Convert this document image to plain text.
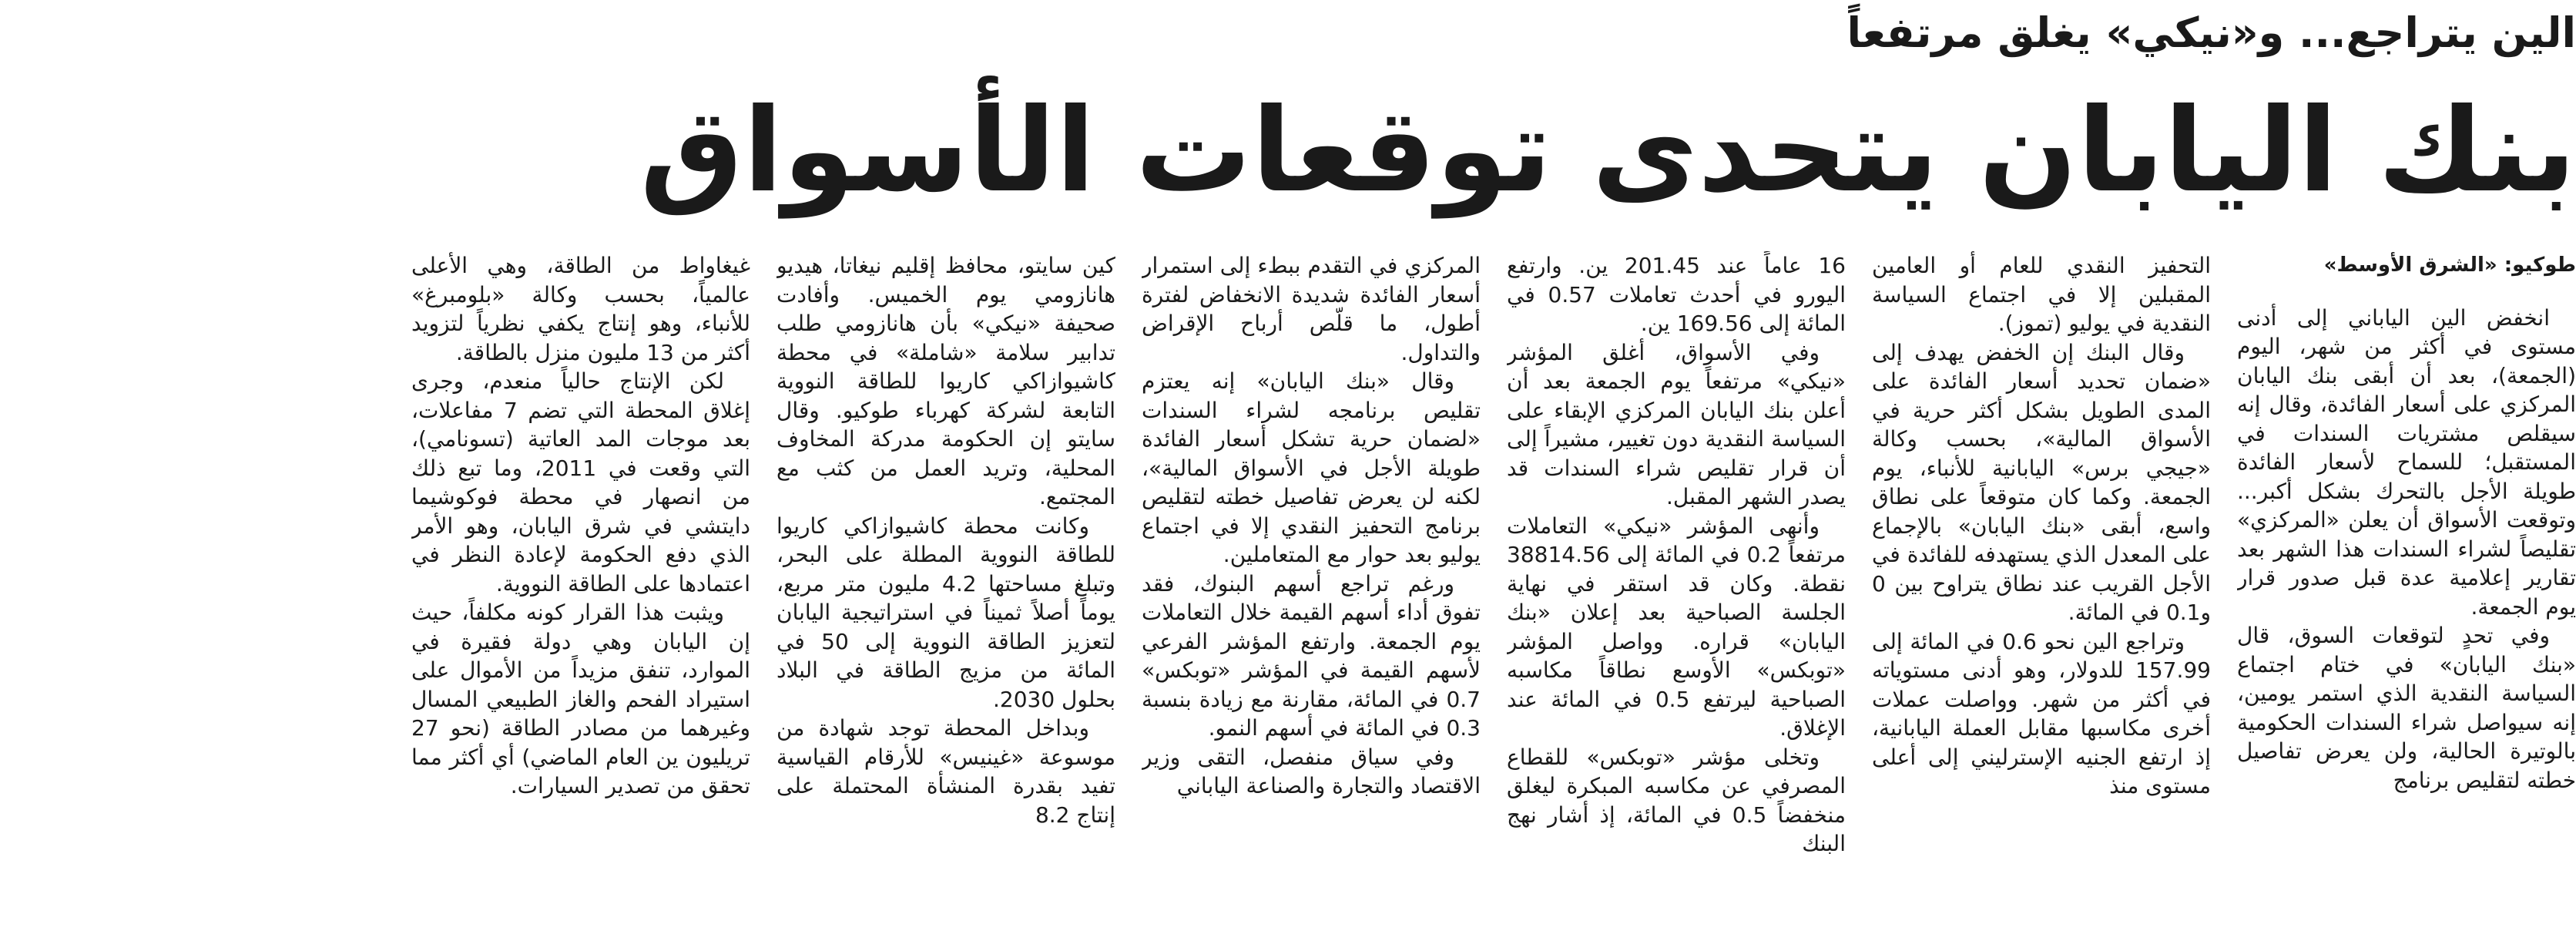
الين يتراجع... و«نيكي» يغلق مرتفعاً
بنك اليابان يتحدى توقعات الأسواق
طوكيو: «الشرق الأوسط»

انخفض الين الياباني إلى أدنى مستوى في أكثر من شهر، اليوم (الجمعة)، بعد أن أبقى بنك اليابان المركزي على أسعار الفائدة، وقال إنه سيقلص مشتريات السندات في المستقبل؛ للسماح لأسعار الفائدة طويلة الأجل بالتحرك بشكل أكبر... وتوقعت الأسواق أن يعلن «المركزي» تقليصاً لشراء السندات هذا الشهر بعد تقارير إعلامية عدة قبل صدور قرار يوم الجمعة.

وفي تحدٍ لتوقعات السوق، قال «بنك اليابان» في ختام اجتماع السياسة النقدية الذي استمر يومين، إنه سيواصل شراء السندات الحكومية بالوتيرة الحالية، ولن يعرض تفاصيل خطته لتقليص برنامج

التحفيز النقدي للعام أو العامين المقبلين إلا في اجتماع السياسة النقدية في يوليو (تموز).

وقال البنك إن الخفض يهدف إلى «ضمان تحديد أسعار الفائدة على المدى الطويل بشكل أكثر حرية في الأسواق المالية»، بحسب وكالة «جيجي برس» اليابانية للأنباء، يوم الجمعة. وكما كان متوقعاً على نطاق واسع، أبقى «بنك اليابان» بالإجماع على المعدل الذي يستهدفه للفائدة في الأجل القريب عند نطاق يتراوح بين 0 و0.1 في المائة.

وتراجع الين نحو 0.6 في المائة إلى 157.99 للدولار، وهو أدنى مستوياته في أكثر من شهر. وواصلت عملات أخرى مكاسبها مقابل العملة اليابانية، إذ ارتفع الجنيه الإسترليني إلى أعلى مستوى منذ

16 عاماً عند 201.45 ين. وارتفع اليورو في أحدث تعاملات 0.57 في المائة إلى 169.56 ين.

وفي الأسواق، أغلق المؤشر «نيكي» مرتفعاً يوم الجمعة بعد أن أعلن بنك اليابان المركزي الإبقاء على السياسة النقدية دون تغيير، مشيراً إلى أن قرار تقليص شراء السندات قد يصدر الشهر المقبل.

وأنهى المؤشر «نيكي» التعاملات مرتفعاً 0.2 في المائة إلى 38814.56 نقطة. وكان قد استقر في نهاية الجلسة الصباحية بعد إعلان «بنك اليابان» قراره. وواصل المؤشر «توبكس» الأوسع نطاقاً مكاسبه الصباحية ليرتفع 0.5 في المائة عند الإغلاق.

وتخلى مؤشر «توبكس» للقطاع المصرفي عن مكاسبه المبكرة ليغلق منخفضاً 0.5 في المائة، إذ أشار نهج البنك

المركزي في التقدم ببطء إلى استمرار أسعار الفائدة شديدة الانخفاض لفترة أطول، ما قلّص أرباح الإقراض والتداول.

وقال «بنك اليابان» إنه يعتزم تقليص برنامجه لشراء السندات «لضمان حرية تشكل أسعار الفائدة طويلة الأجل في الأسواق المالية»، لكنه لن يعرض تفاصيل خطته لتقليص برنامج التحفيز النقدي إلا في اجتماع يوليو بعد حوار مع المتعاملين.

ورغم تراجع أسهم البنوك، فقد تفوق أداء أسهم القيمة خلال التعاملات يوم الجمعة. وارتفع المؤشر الفرعي لأسهم القيمة في المؤشر «توبكس» 0.7 في المائة، مقارنة مع زيادة بنسبة 0.3 في المائة في أسهم النمو.

وفي سياق منفصل، التقى وزير الاقتصاد والتجارة والصناعة الياباني

كين سايتو، محافظ إقليم نيغاتا، هيديو هانازومي يوم الخميس. وأفادت صحيفة «نيكي» بأن هانازومي طلب تدابير سلامة «شاملة» في محطة كاشيوازاكي كاريوا للطاقة النووية التابعة لشركة كهرباء طوكيو. وقال سايتو إن الحكومة مدركة المخاوف المحلية، وتريد العمل من كثب مع المجتمع.

وكانت محطة كاشيوازاكي كاريوا للطاقة النووية المطلة على البحر، وتبلغ مساحتها 4.2 مليون متر مربع، يوماً أصلاً ثميناً في استراتيجية اليابان لتعزيز الطاقة النووية إلى 50 في المائة من مزيج الطاقة في البلاد بحلول 2030.

وبداخل المحطة توجد شهادة من موسوعة «غينيس» للأرقام القياسية تفيد بقدرة المنشأة المحتملة على إنتاج 8.2

غيغاواط من الطاقة، وهي الأعلى عالمياً، بحسب وكالة «بلومبرغ» للأنباء، وهو إنتاج يكفي نظرياً لتزويد أكثر من 13 مليون منزل بالطاقة.

لكن الإنتاج حالياً منعدم، وجرى إغلاق المحطة التي تضم 7 مفاعلات، بعد موجات المد العاتية (تسونامي)، التي وقعت في 2011، وما تبع ذلك من انصهار في محطة فوكوشيما دايتشي في شرق اليابان، وهو الأمر الذي دفع الحكومة لإعادة النظر في اعتمادها على الطاقة النووية.

ويثبت هذا القرار كونه مكلفاً، حيث إن اليابان وهي دولة فقيرة في الموارد، تنفق مزيداً من الأموال على استيراد الفحم والغاز الطبيعي المسال وغيرهما من مصادر الطاقة (نحو 27 تريليون ين العام الماضي) أي أكثر مما تحقق من تصدير السيارات.
